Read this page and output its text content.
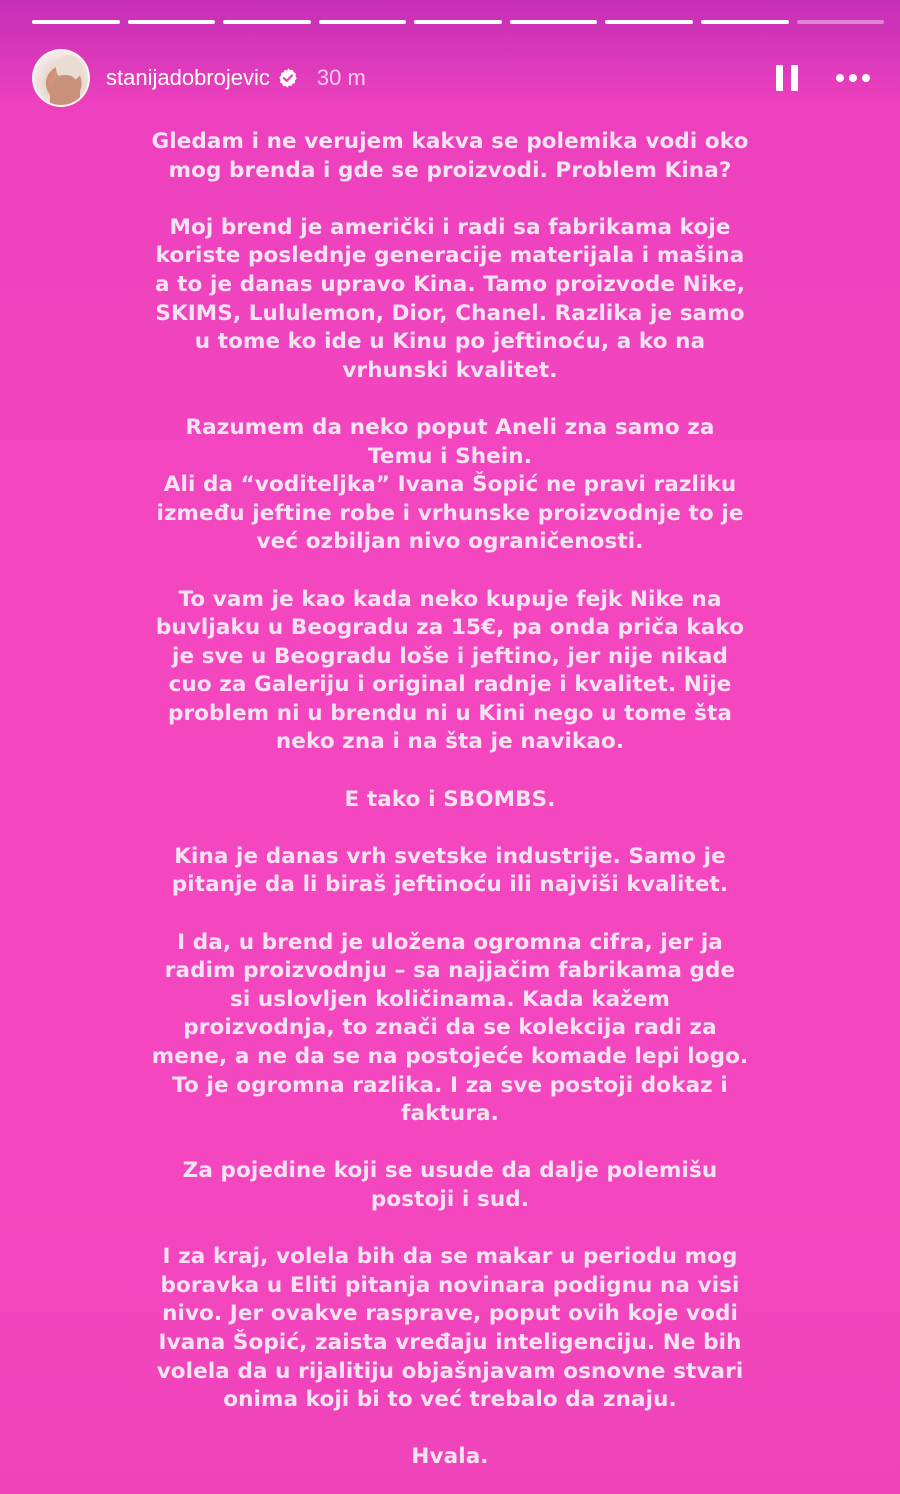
stanijadobrojevic 30 m

Gledam i ne verujem kakva se polemika vodi oko
mog brenda i gde se proizvodi. Problem Kina?

Moj brend je američki i radi sa fabrikama koje
koriste poslednje generacije materijala i mašina
a to je danas upravo Kina. Tamo proizvode Nike,
SKIMS, Lululemon, Dior, Chanel. Razlika je samo
u tome ko ide u Kinu po jeftinoću, a ko na
vrhunski kvalitet.

Razumem da neko poput Aneli zna samo za
Temu i Shein.
Ali da “voditeljka” Ivana Šopić ne pravi razliku
između jeftine robe i vrhunske proizvodnje to je
već ozbiljan nivo ograničenosti.

To vam je kao kada neko kupuje fejk Nike na
buvljaku u Beogradu za 15€, pa onda priča kako
je sve u Beogradu loše i jeftino, jer nije nikad
cuo za Galeriju i original radnje i kvalitet. Nije
problem ni u brendu ni u Kini nego u tome šta
neko zna i na šta je navikao.

E tako i SBOMBS.

Kina je danas vrh svetske industrije. Samo je
pitanje da li biraš jeftinoću ili najviši kvalitet.

I da, u brend je uložena ogromna cifra, jer ja
radim proizvodnju – sa najjačim fabrikama gde
si uslovljen količinama. Kada kažem
proizvodnja, to znači da se kolekcija radi za
mene, a ne da se na postojeće komade lepi logo.
To je ogromna razlika. I za sve postoji dokaz i
faktura.

Za pojedine koji se usude da dalje polemišu
postoji i sud.

I za kraj, volela bih da se makar u periodu mog
boravka u Eliti pitanja novinara podignu na visi
nivo. Jer ovakve rasprave, poput ovih koje vodi
Ivana Šopić, zaista vređaju inteligenciju. Ne bih
volela da u rijalitiju objašnjavam osnovne stvari
onima koji bi to već trebalo da znaju.

Hvala.
